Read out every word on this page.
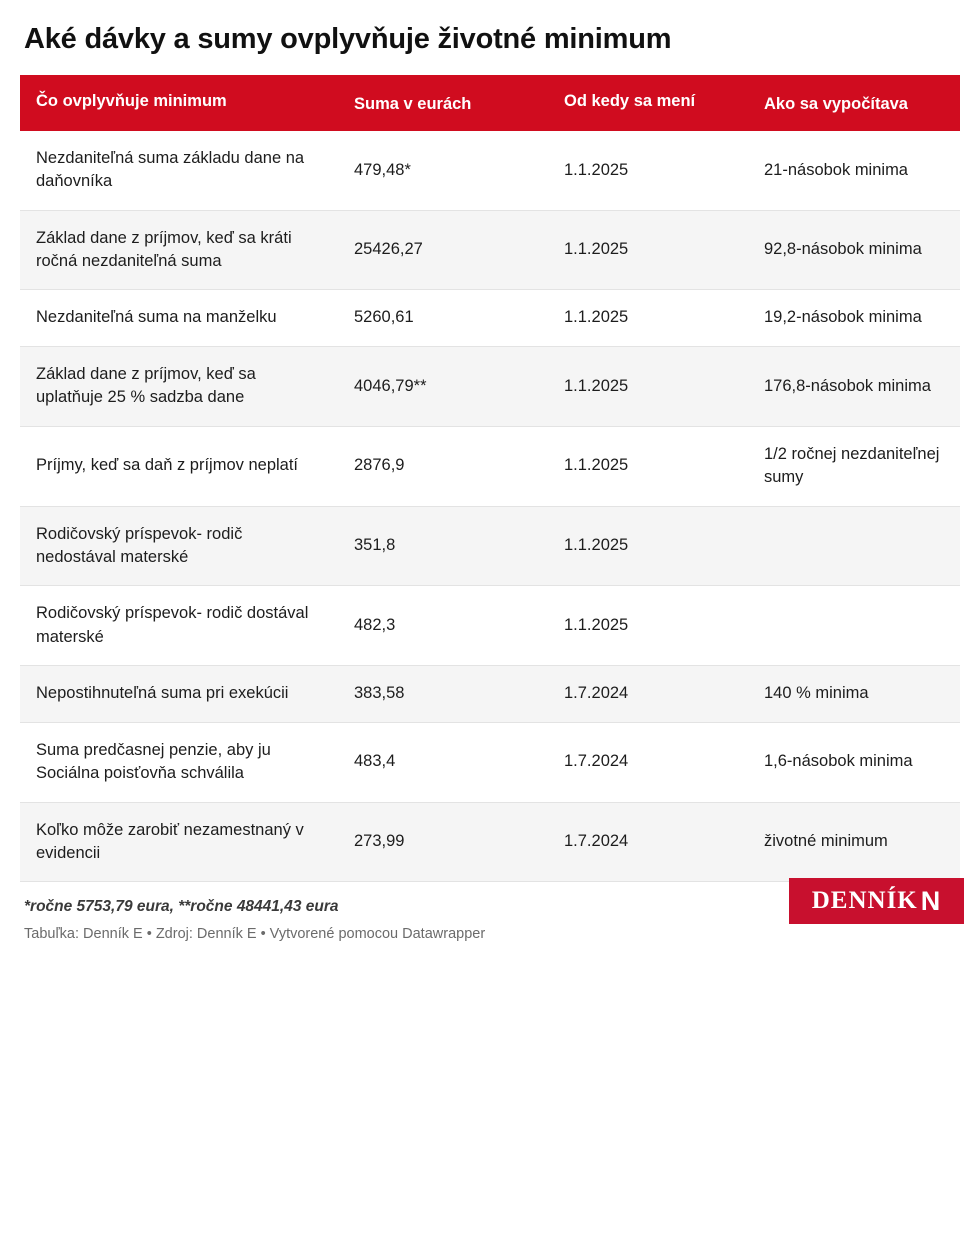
Aké dávky a sumy ovplyvňuje životné minimum
Čo ovplyvňuje minimum	Suma v eurách	Od kedy sa mení	Ako sa vypočítava
Nezdaniteľná suma základu dane na daňovníka	479,48*	1.1.2025	21-násobok minima
Základ dane z príjmov, keď sa kráti ročná nezdaniteľná suma	25426,27	1.1.2025	92,8-násobok minima
Nezdaniteľná suma na manželku	5260,61	1.1.2025	19,2-násobok minima
Základ dane z príjmov, keď sa uplatňuje 25 % sadzba dane	4046,79**	1.1.2025	176,8-násobok minima
Príjmy, keď sa daň z príjmov neplatí	2876,9	1.1.2025	1/2 ročnej nezdaniteľnej sumy
Rodičovský príspevok- rodič nedostával materské	351,8	1.1.2025	
Rodičovský príspevok- rodič dostával materské	482,3	1.1.2025	
Nepostihnuteľná suma pri exekúcii	383,58	1.7.2024	140 % minima
Suma predčasnej penzie, aby ju Sociálna poisťovňa schválila	483,4	1.7.2024	1,6-násobok minima
Koľko môže zarobiť nezamestnaný v evidencii	273,99	1.7.2024	životné minimum
*ročne 5753,79 eura, **ročne 48441,43 eura
Tabuľka: Denník E • Zdroj: Denník E • Vytvorené pomocou Datawrapper
DENNÍK N
